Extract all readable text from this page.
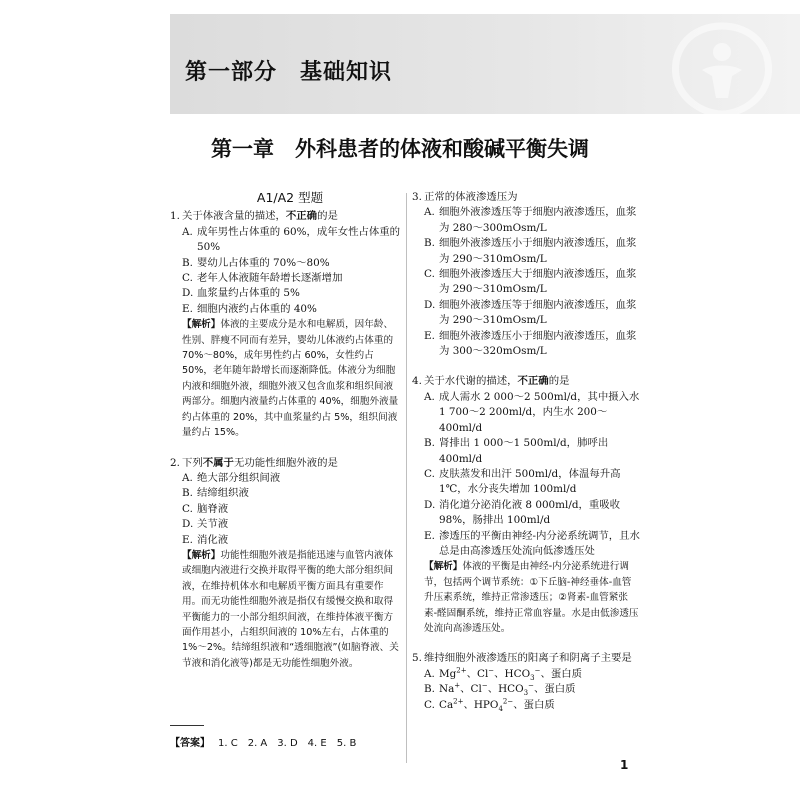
第一部分　基础知识
第一章　外科患者的体液和酸碱平衡失调
A1/A2 型题
1. 关于体液含量的描述，不正确的是
A. 成年男性占体重的 60%，成年女性占体重的 50%
B. 婴幼儿占体重的 70%～80%
C. 老年人体液随年龄增长逐渐增加
D. 血浆量约占体重的 5%
E. 细胞内液约占体重的 40%
【解析】体液的主要成分是水和电解质，因年龄、性别、胖瘦不同而有差异，婴幼儿体液约占体重的 70%～80%，成年男性约占 60%，女性约占 50%，老年随年龄增长而逐渐降低。体液分为细胞内液和细胞外液，细胞外液又包含血浆和组织间液两部分。细胞内液量约占体重的 40%，细胞外液量约占体重的 20%，其中血浆量约占 5%，组织间液量约占 15%。
2. 下列不属于无功能性细胞外液的是
A. 绝大部分组织间液
B. 结缔组织液
C. 脑脊液
D. 关节液
E. 消化液
【解析】功能性细胞外液是指能迅速与血管内液体或细胞内液进行交换并取得平衡的绝大部分组织间液，在维持机体水和电解质平衡方面具有重要作用。而无功能性细胞外液是指仅有缓慢交换和取得平衡能力的一小部分组织间液，在维持体液平衡方面作用甚小，占组织间液的 10%左右，占体重的 1%～2%。结缔组织液和“透细胞液”(如脑脊液、关节液和消化液等)都是无功能性细胞外液。
3. 正常的体液渗透压为
A. 细胞外液渗透压等于细胞内液渗透压，血浆为 280～300mOsm/L
B. 细胞外液渗透压小于细胞内液渗透压，血浆为 290～310mOsm/L
C. 细胞外液渗透压大于细胞内液渗透压，血浆为 290～310mOsm/L
D. 细胞外液渗透压等于细胞内液渗透压，血浆为 290～310mOsm/L
E. 细胞外液渗透压小于细胞内液渗透压，血浆为 300～320mOsm/L
4. 关于水代谢的描述，不正确的是
A. 成人需水 2 000～2 500ml/d，其中摄入水 1 700～2 200ml/d，内生水 200～400ml/d
B. 肾排出 1 000～1 500ml/d，肺呼出 400ml/d
C. 皮肤蒸发和出汗 500ml/d，体温每升高 1℃，水分丧失增加 100ml/d
D. 消化道分泌消化液 8 000ml/d，重吸收 98%，肠排出 100ml/d
E. 渗透压的平衡由神经-内分泌系统调节，且水总是由高渗透压处流向低渗透压处
【解析】体液的平衡是由神经-内分泌系统进行调节，包括两个调节系统：①下丘脑-神经垂体-血管升压素系统，维持正常渗透压；②肾素-血管紧张素-醛固酮系统，维持正常血容量。水是由低渗透压处流向高渗透压处。
5. 维持细胞外液渗透压的阳离子和阴离子主要是
A. $Mg^{2+}$、Cl−、$HCO_3^-$、蛋白质
B. Na+、Cl−、$HCO_3^-$、蛋白质
C. $Ca^{2+}$、$HPO_4^{2-}$、蛋白质
【答案】 1. C　2. A　3. D　4. E　5. B
1
